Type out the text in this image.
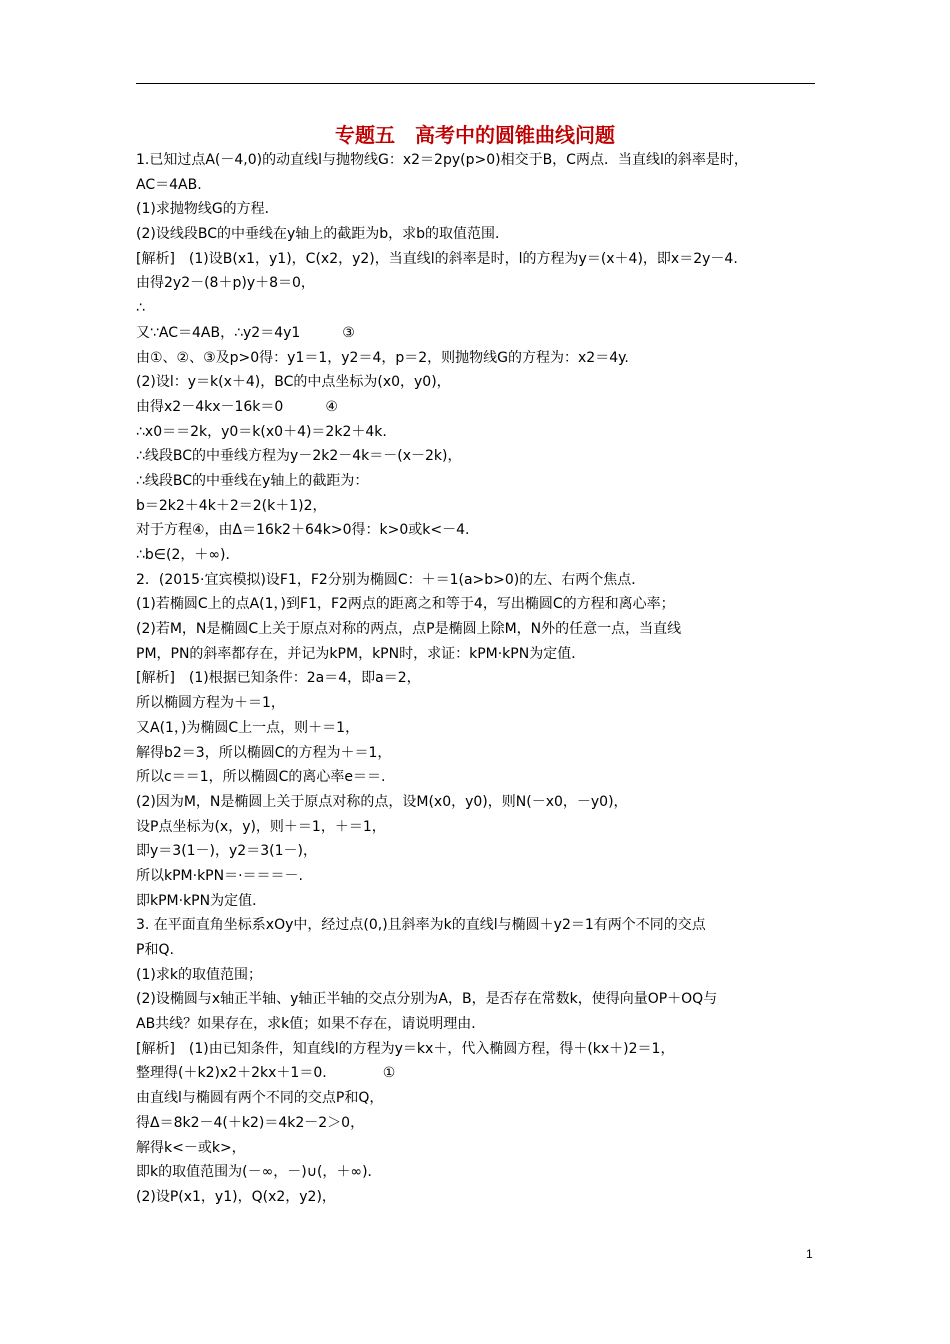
专题五　高考中的圆锥曲线问题
1.已知过点A(－4,0)的动直线l与抛物线G：x2＝2py(p>0)相交于B，C两点．当直线l的斜率是时，
AC＝4AB.
(1)求抛物线G的方程．
(2)设线段BC的中垂线在y轴上的截距为b，求b的取值范围．
[解析]　(1)设B(x1，y1)，C(x2，y2)，当直线l的斜率是时，l的方程为y＝(x＋4)，即x＝2y－4.
由得2y2－(8＋p)y＋8＝0，
∴
又∵AC＝4AB，∴y2＝4y1　　　③
由①、②、③及p>0得：y1＝1，y2＝4，p＝2，则抛物线G的方程为：x2＝4y.
(2)设l：y＝k(x＋4)，BC的中点坐标为(x0，y0)，
由得x2－4kx－16k＝0　　　④
∴x0＝＝2k，y0＝k(x0＋4)＝2k2＋4k.
∴线段BC的中垂线方程为y－2k2－4k＝－(x－2k)，
∴线段BC的中垂线在y轴上的截距为：
b＝2k2＋4k＋2＝2(k＋1)2，
对于方程④，由Δ＝16k2＋64k>0得：k>0或k<－4.
∴b∈(2，＋∞)．
2．(2015·宜宾模拟)设F1，F2分别为椭圆C：＋＝1(a>b>0)的左、右两个焦点．
(1)若椭圆C上的点A(1，)到F1，F2两点的距离之和等于4，写出椭圆C的方程和离心率；
(2)若M，N是椭圆C上关于原点对称的两点，点P是椭圆上除M，N外的任意一点，当直线
PM，PN的斜率都存在，并记为kPM，kPN时，求证：kPM·kPN为定值．
[解析]　(1)根据已知条件：2a＝4，即a＝2，
所以椭圆方程为＋＝1，
又A(1，)为椭圆C上一点，则＋＝1，
解得b2＝3，所以椭圆C的方程为＋＝1，
所以c＝＝1，所以椭圆C的离心率e＝＝.
(2)因为M，N是椭圆上关于原点对称的点，设M(x0，y0)，则N(－x0，－y0)，
设P点坐标为(x，y)，则＋＝1，＋＝1，
即y＝3(1－)，y2＝3(1－)，
所以kPM·kPN＝·＝＝＝－.
即kPM·kPN为定值．
3. 在平面直角坐标系xOy中，经过点(0,)且斜率为k的直线l与椭圆＋y2＝1有两个不同的交点
P和Q.
(1)求k的取值范围；
(2)设椭圆与x轴正半轴、y轴正半轴的交点分别为A，B，是否存在常数k，使得向量OP＋OQ与
AB共线？如果存在，求k值；如果不存在，请说明理由．
[解析]　(1)由已知条件，知直线l的方程为y＝kx＋，代入椭圆方程，得＋(kx＋)2＝1，
整理得(＋k2)x2＋2kx＋1＝0.　　　　①
由直线l与椭圆有两个不同的交点P和Q，
得Δ＝8k2－4(＋k2)＝4k2－2＞0，
解得k<－或k>，
即k的取值范围为(－∞，－)∪(，＋∞)．
(2)设P(x1，y1)，Q(x2，y2)，
1
